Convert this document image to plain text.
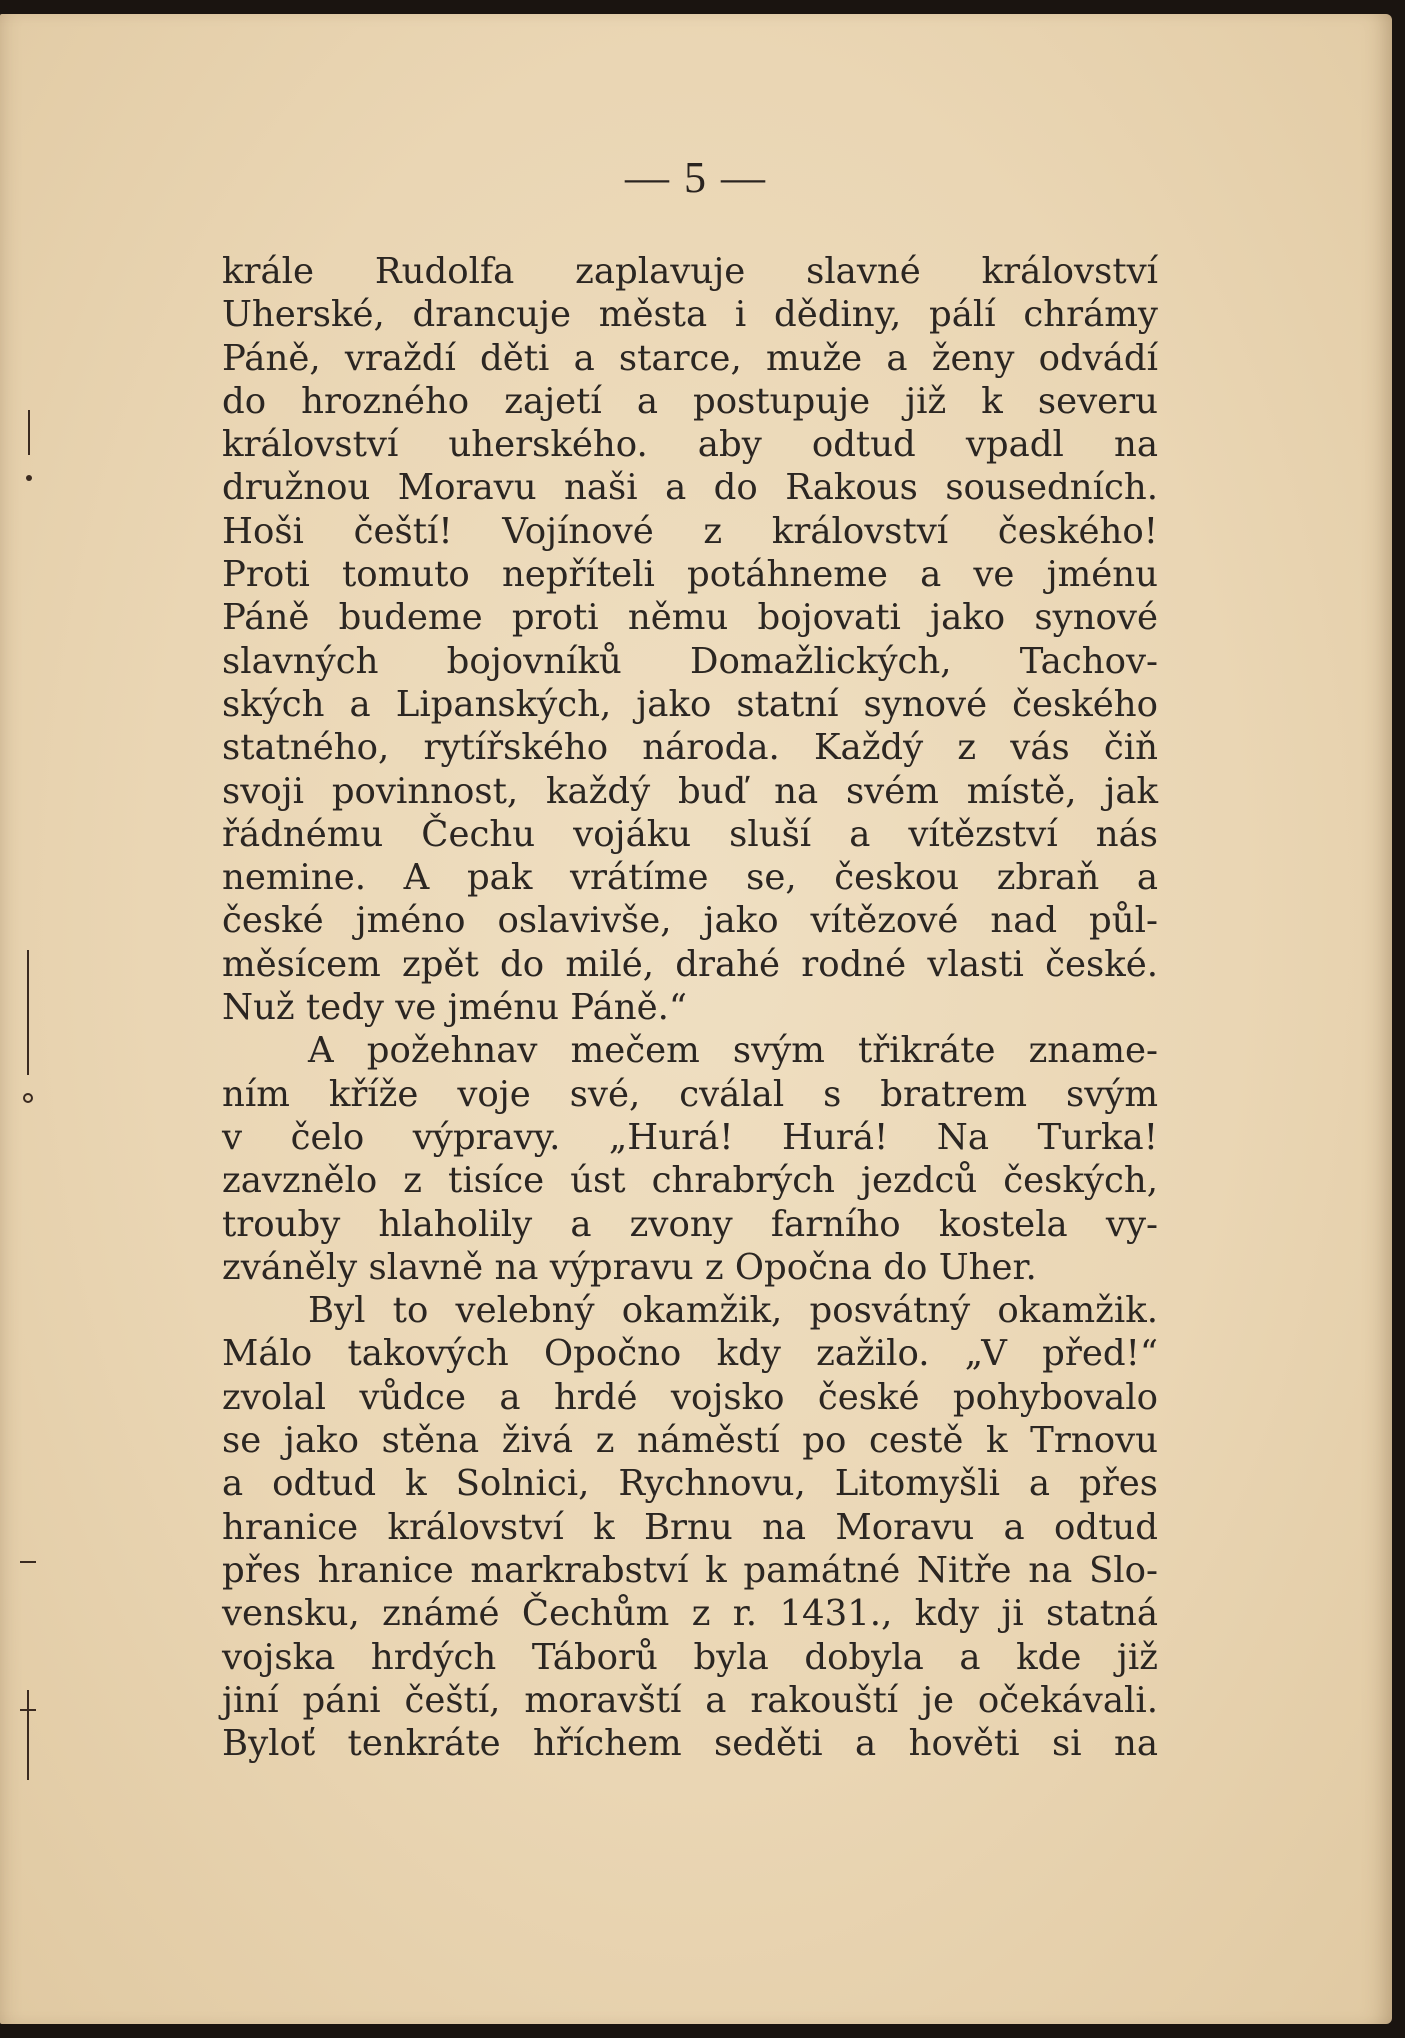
— 5 —
krále Rudolfa zaplavuje slavné království
Uherské, drancuje města i dědiny, pálí chrámy
Páně, vraždí děti a starce, muže a ženy odvádí
do hrozného zajetí a postupuje již k severu
království uherského. aby odtud vpadl na
družnou Moravu naši a do Rakous sousedních.
Hoši čeští! Vojínové z království českého!
Proti tomuto nepříteli potáhneme a ve jménu
Páně budeme proti němu bojovati jako synové
slavných bojovníků Domažlických, Tachov-
ských a Lipanských, jako statní synové českého
statného, rytířského národa. Každý z vás čiň
svoji povinnost, každý buď na svém místě, jak
řádnému Čechu vojáku sluší a vítězství nás
nemine. A pak vrátíme se, českou zbraň a
české jméno oslavivše, jako vítězové nad půl-
měsícem zpět do milé, drahé rodné vlasti české.
Nuž tedy ve jménu Páně.“
A požehnav mečem svým třikráte zname-
ním kříže voje své, cválal s bratrem svým
v čelo výpravy. „Hurá! Hurá! Na Turka!
zavznělo z tisíce úst chrabrých jezdců českých,
trouby hlaholily a zvony farního kostela vy-
zváněly slavně na výpravu z Opočna do Uher.
Byl to velebný okamžik, posvátný okamžik.
Málo takových Opočno kdy zažilo. „V před!“
zvolal vůdce a hrdé vojsko české pohybovalo
se jako stěna živá z náměstí po cestě k Trnovu
a odtud k Solnici, Rychnovu, Litomyšli a přes
hranice království k Brnu na Moravu a odtud
přes hranice markrabství k památné Nitře na Slo-
vensku, známé Čechům z r. 1431., kdy ji statná
vojska hrdých Táborů byla dobyla a kde již
jiní páni čeští, moravští a rakouští je očekávali.
Byloť tenkráte hříchem seděti a hověti si na
